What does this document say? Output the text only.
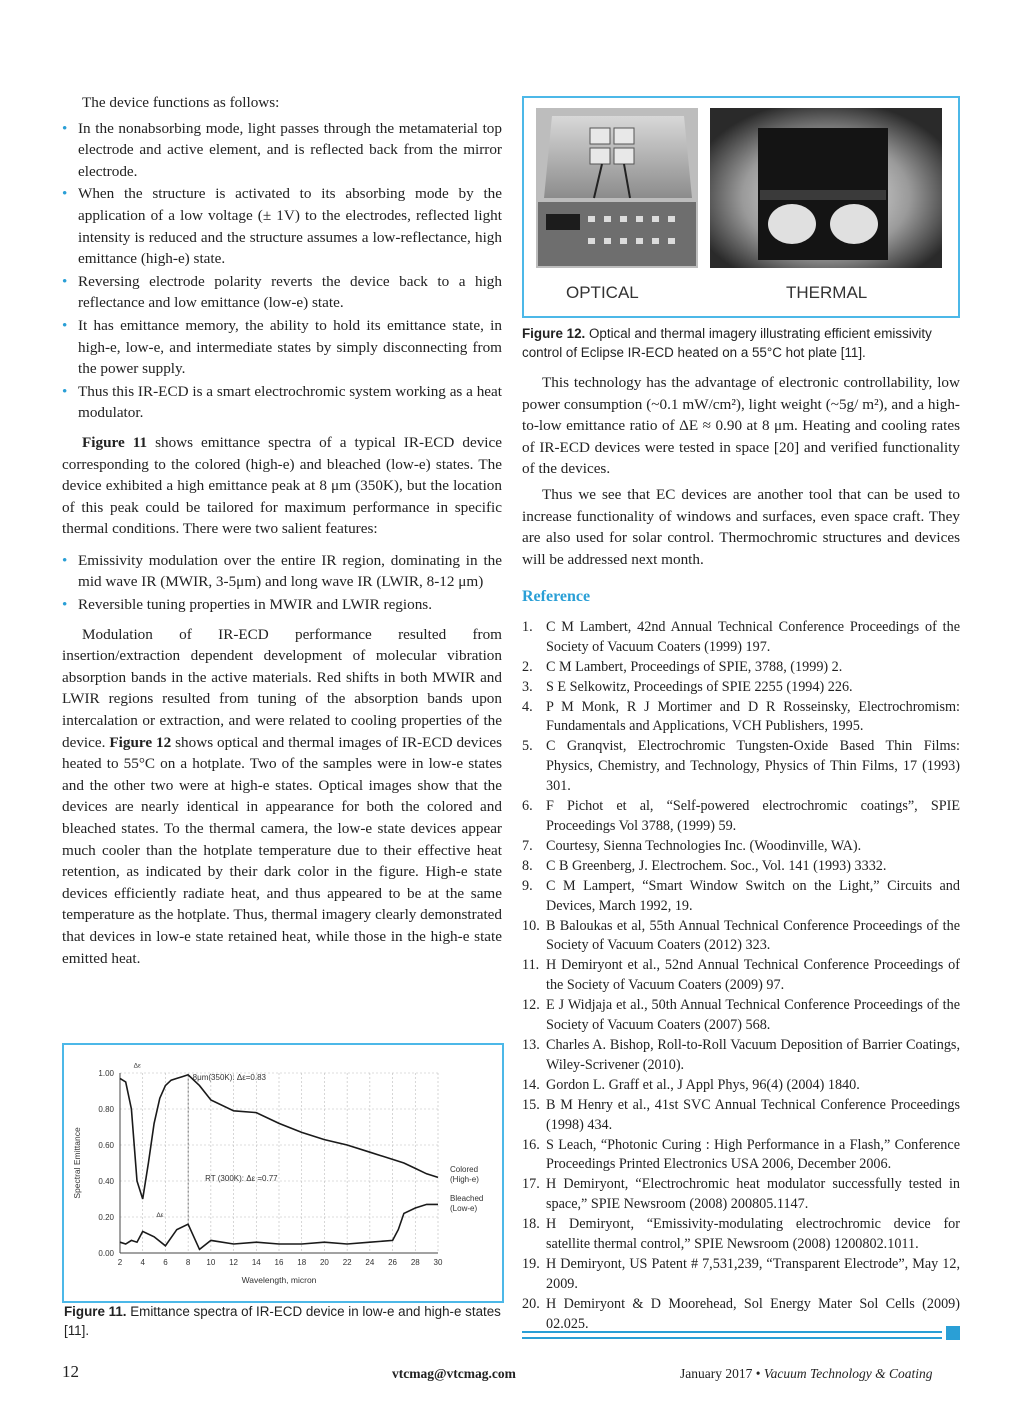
The device functions as follows:

• In the nonabsorbing mode, light passes through the metamaterial top electrode and active element, and is reflected back from the mirror electrode.
• When the structure is activated to its absorbing mode by the application of a low voltage (± 1V) to the electrodes, reflected light intensity is reduced and the structure assumes a low-reflectance, high emittance (high-e) state.
• Reversing electrode polarity reverts the device back to a high reflectance and low emittance (low-e) state.
• It has emittance memory, the ability to hold its emittance state, in high-e, low-e, and intermediate states by simply disconnecting from the power supply.
• Thus this IR-ECD is a smart electrochromic system working as a heat modulator.

Figure 11 shows emittance spectra of a typical IR-ECD device corresponding to the colored (high-e) and bleached (low-e) states. The device exhibited a high emittance peak at 8 μm (350K), but the location of this peak could be tailored for maximum performance in specific thermal conditions. There were two salient features:

• Emissivity modulation over the entire IR region, dominating in the mid wave IR (MWIR, 3-5μm) and long wave IR (LWIR, 8-12 μm)
• Reversible tuning properties in MWIR and LWIR regions.

Modulation of IR-ECD performance resulted from insertion/extraction dependent development of molecular vibration absorption bands in the active materials. Red shifts in both MWIR and LWIR regions resulted from tuning of the absorption bands upon intercalation or extraction, and were related to cooling properties of the device. Figure 12 shows optical and thermal images of IR-ECD devices heated to 55°C on a hotplate. Two of the samples were in low-e states and the other two were at high-e states. Optical images show that the devices are nearly identical in appearance for both the colored and bleached states. To the thermal camera, the low-e state devices appear much cooler than the hotplate temperature due to their effective heat retention, as indicated by their dark color in the figure. High-e state devices efficiently radiate heat, and thus appeared to be at the same temperature as the hotplate. Thus, thermal imagery clearly demonstrated that devices in low-e state retained heat, while those in the high-e state emitted heat.

1.00
0.80
0.60
0.40
0.20
0.00
2 4 6 8 10 12 14 16 18 20 22 24 26 28 30
Spectral Emittance
Wavelength, micron
8μm(350K): Δε=0.83
Δε
Δε
RT (300K): Δε =0.77
Colored
(High-e)
Bleached
(Low-e)
Figure 11. Emittance spectra of IR-ECD device in low-e and high-e states [11].
OPTICAL	THERMAL
Figure 12. Optical and thermal imagery illustrating efficient emissivity control of Eclipse IR-ECD heated on a 55°C hot plate [11].

This technology has the advantage of electronic controllability, low power consumption (~0.1 mW/cm²), light weight (~5g/ m²), and a high-to-low emittance ratio of ΔE ≈ 0.90 at 8 μm. Heating and cooling rates of IR-ECD devices were tested in space [20] and verified functionality of the devices.

Thus we see that EC devices are another tool that can be used to increase functionality of windows and surfaces, even space craft. They are also used for solar control. Thermochromic structures and devices will be addressed next month.

Reference
1. C M Lambert, 42nd Annual Technical Conference Proceedings of the Society of Vacuum Coaters (1999) 197.
2. C M Lambert, Proceedings of SPIE, 3788, (1999) 2.
3. S E Selkowitz, Proceedings of SPIE 2255 (1994) 226.
4. P M Monk, R J Mortimer and D R Rosseinsky, Electrochromism: Fundamentals and Applications, VCH Publishers, 1995.
5. C Granqvist, Electrochromic Tungsten-Oxide Based Thin Films: Physics, Chemistry, and Technology, Physics of Thin Films, 17 (1993) 301.
6. F Pichot et al, “Self-powered electrochromic coatings”, SPIE Proceedings Vol 3788, (1999) 59.
7. Courtesy, Sienna Technologies Inc. (Woodinville, WA).
8. C B Greenberg, J. Electrochem. Soc., Vol. 141 (1993) 3332.
9. C M Lampert, “Smart Window Switch on the Light,” Circuits and Devices, March 1992, 19.
10. B Baloukas et al, 55th Annual Technical Conference Proceedings of the Society of Vacuum Coaters (2012) 323.
11. H Demiryont et al., 52nd Annual Technical Conference Proceedings of the Society of Vacuum Coaters (2009) 97.
12. E J Widjaja et al., 50th Annual Technical Conference Proceedings of the Society of Vacuum Coaters (2007) 568.
13. Charles A. Bishop, Roll-to-Roll Vacuum Deposition of Barrier Coatings, Wiley-Scrivener (2010).
14. Gordon L. Graff et al., J Appl Phys, 96(4) (2004) 1840.
15. B M Henry et al., 41st SVC Annual Technical Conference Proceedings (1998) 434.
16. S Leach, “Photonic Curing : High Performance in a Flash,” Conference Proceedings Printed Electronics USA 2006, December 2006.
17. H Demiryont, “Electrochromic heat modulator successfully tested in space,” SPIE Newsroom (2008) 200805.1147.
18. H Demiryont, “Emissivity-modulating electrochromic device for satellite thermal control,” SPIE Newsroom (2008) 1200802.1011.
19. H Demiryont, US Patent # 7,531,239, “Transparent Electrode”, May 12, 2009.
20. H Demiryont & D Moorehead, Sol Energy Mater Sol Cells (2009) 02.025.
12	vtcmag@vtcmag.com	January 2017 • Vacuum Technology & Coating
